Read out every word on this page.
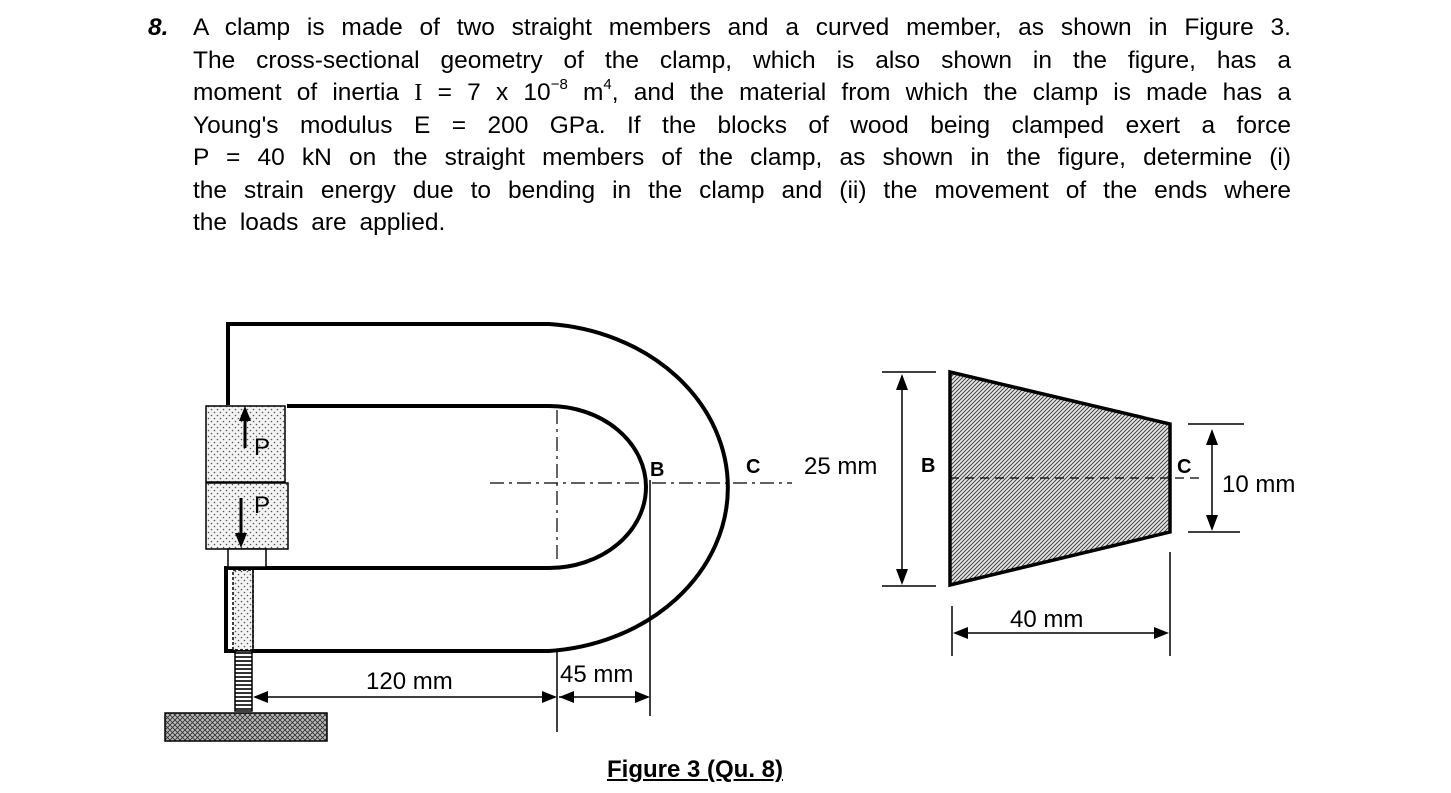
8. A clamp is made of two straight members and a curved member, as shown in Figure 3.
The cross-sectional geometry of the clamp, which is also shown in the figure, has a
moment of inertia I = 7 x $10^{-8}$ $m^4$, and the material from which the clamp is made has a
Young's modulus E = 200 GPa. If the blocks of wood being clamped exert a force
P = 40 kN on the straight members of the clamp, as shown in the figure, determine (i)
the strain energy due to bending in the clamp and (ii) the movement of the ends where
the loads are applied.
P
P
B	C
120 mm	45 mm
B	C
25 mm
10 mm
40 mm
Figure 3 (Qu. 8)
